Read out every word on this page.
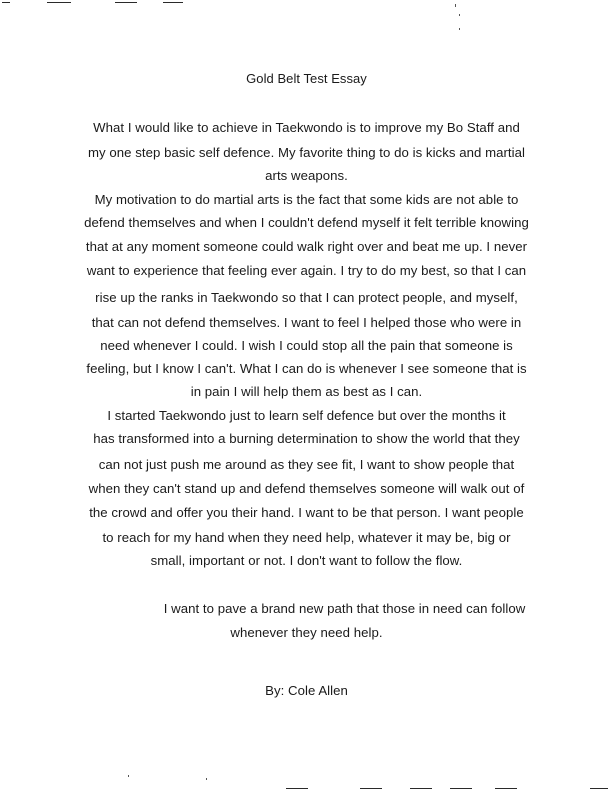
Gold Belt Test Essay
What I would like to achieve in Taekwondo is to improve my Bo Staff and
my one step basic self defence. My favorite thing to do is kicks and martial
arts weapons.
My motivation to do martial arts is the fact that some kids are not able to
defend themselves and when I couldn't defend myself it felt terrible knowing
that at any moment someone could walk right over and beat me up. I never
want to experience that feeling ever again. I try to do my best, so that I can
rise up the ranks in Taekwondo so that I can protect people, and myself,
that can not defend themselves. I want to feel I helped those who were in
need whenever I could. I wish I could stop all the pain that someone is
feeling, but I know I can't. What I can do is whenever I see someone that is
in pain I will help them as best as I can.
I started Taekwondo just to learn self defence but over the months it
has transformed into a burning determination to show the world that they
can not just push me around as they see fit, I want to show people that
when they can't stand up and defend themselves someone will walk out of
the crowd and offer you their hand. I want to be that person. I want people
to reach for my hand when they need help, whatever it may be, big or
small, important or not. I don't want to follow the flow.
I want to pave a brand new path that those in need can follow
whenever they need help.
By: Cole Allen
